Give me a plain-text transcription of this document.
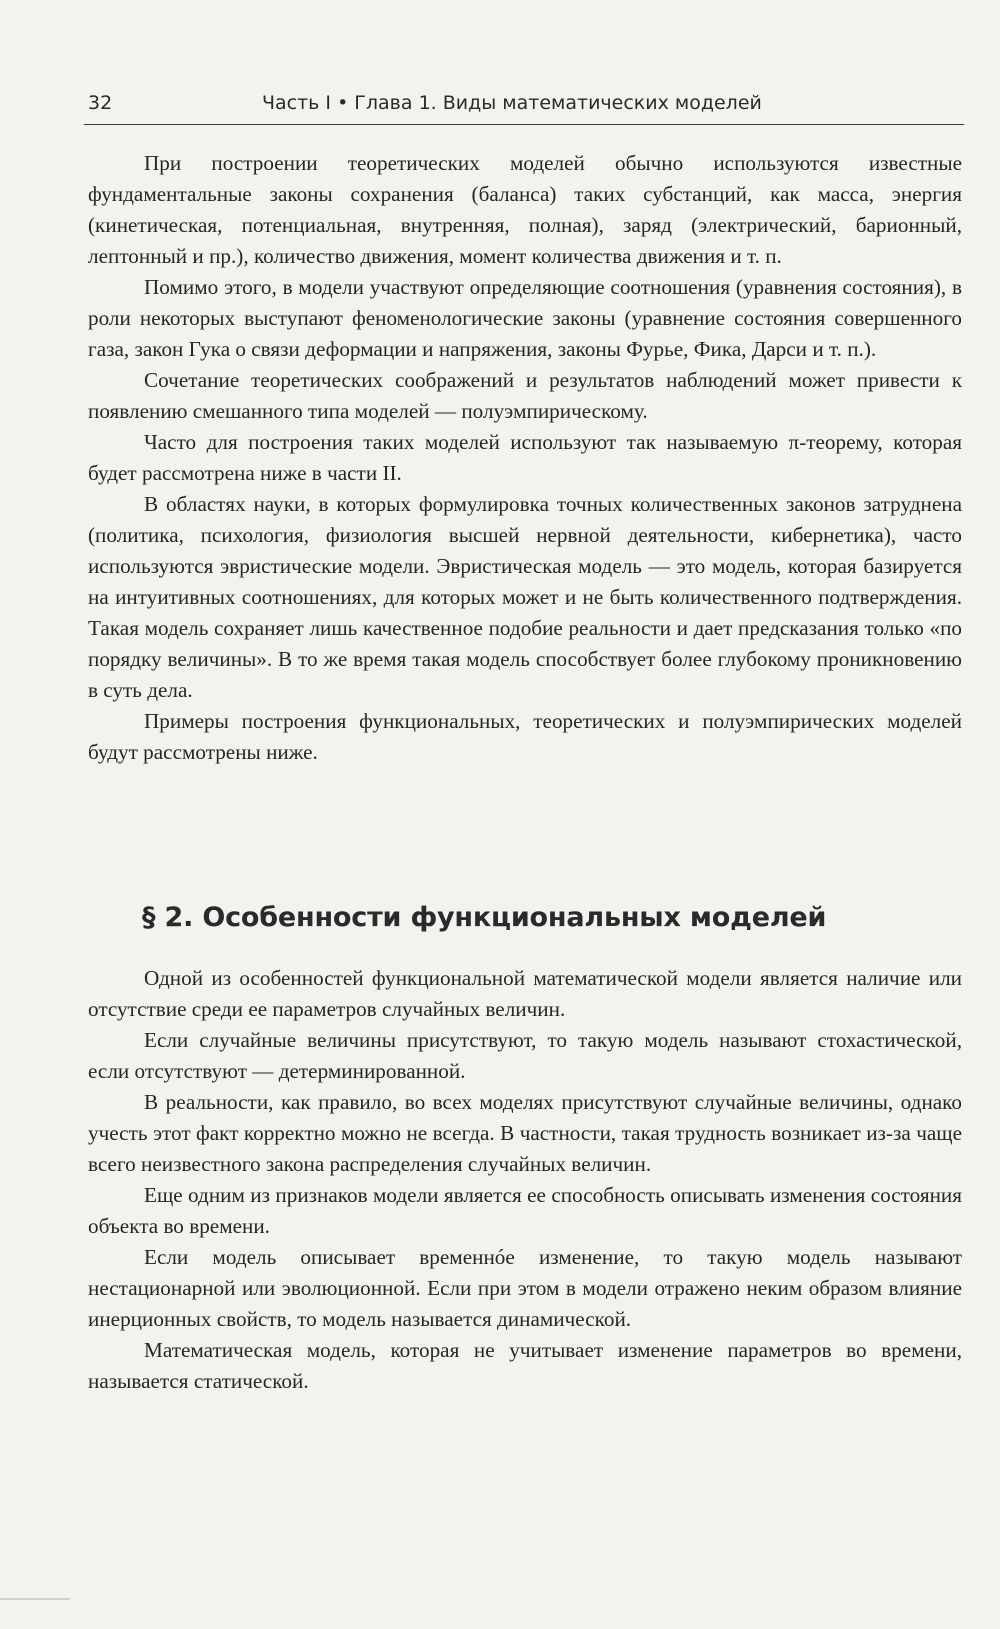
32	Часть I • Глава 1. Виды математических моделей

При построении теоретических моделей обычно используются известные фундаментальные законы сохранения (баланса) таких субстанций, как масса, энергия (кинетическая, потенциальная, внутренняя, полная), заряд (электрический, барионный, лептонный и пр.), количество движения, момент количества движения и т. п.

Помимо этого, в модели участвуют определяющие соотношения (уравнения состояния), в роли некоторых выступают феноменологические законы (уравнение состояния совершенного газа, закон Гука о связи деформации и напряжения, законы Фурье, Фика, Дарси и т. п.).

Сочетание теоретических соображений и результатов наблюдений может привести к появлению смешанного типа моделей — полуэмпирическому.

Часто для построения таких моделей используют так называемую π-теорему, которая будет рассмотрена ниже в части II.

В областях науки, в которых формулировка точных количественных законов затруднена (политика, психология, физиология высшей нервной деятельности, кибернетика), часто используются эвристические модели. Эвристическая модель — это модель, которая базируется на интуитивных соотношениях, для которых может и не быть количественного подтверждения. Такая модель сохраняет лишь качественное подобие реальности и дает предсказания только «по порядку величины». В то же время такая модель способствует более глубокому проникновению в суть дела.

Примеры построения функциональных, теоретических и полуэмпирических моделей будут рассмотрены ниже.

§ 2. Особенности функциональных моделей

Одной из особенностей функциональной математической модели является наличие или отсутствие среди ее параметров случайных величин.

Если случайные величины присутствуют, то такую модель называют стохастической, если отсутствуют — детерминированной.

В реальности, как правило, во всех моделях присутствуют случайные величины, однако учесть этот факт корректно можно не всегда. В частности, такая трудность возникает из-за чаще всего неизвестного закона распределения случайных величин.

Еще одним из признаков модели является ее способность описывать изменения состояния объекта во времени.

Если модель описывает временнóе изменение, то такую модель называют нестационарной или эволюционной. Если при этом в модели отражено неким образом влияние инерционных свойств, то модель называется динамической.

Математическая модель, которая не учитывает изменение параметров во времени, называется статической.
